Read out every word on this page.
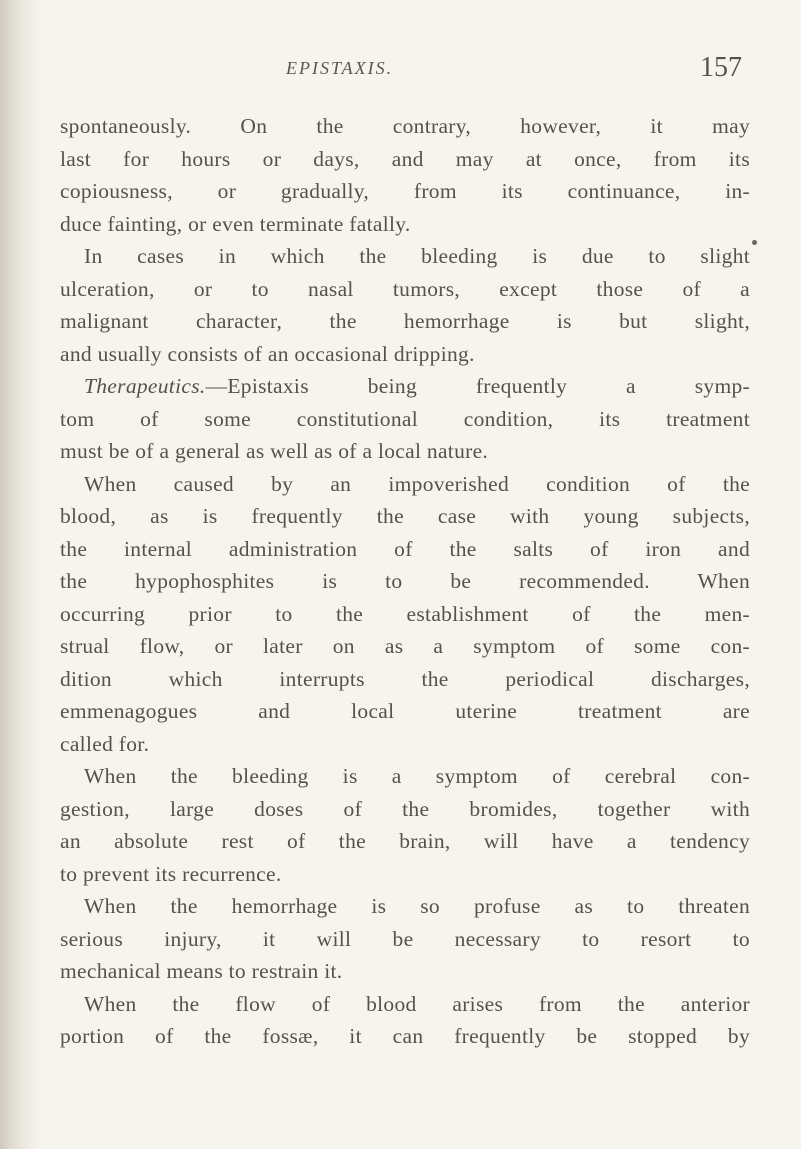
EPISTAXIS.	157
spontaneously. On the contrary, however, it may
last for hours or days, and may at once, from its
copiousness, or gradually, from its continuance, in-
duce fainting, or even terminate fatally.
In cases in which the bleeding is due to slight
ulceration, or to nasal tumors, except those of a
malignant character, the hemorrhage is but slight,
and usually consists of an occasional dripping.
Therapeutics.—Epistaxis being frequently a symp-
tom of some constitutional condition, its treatment
must be of a general as well as of a local nature.
When caused by an impoverished condition of the
blood, as is frequently the case with young subjects,
the internal administration of the salts of iron and
the hypophosphites is to be recommended. When
occurring prior to the establishment of the men-
strual flow, or later on as a symptom of some con-
dition which interrupts the periodical discharges,
emmenagogues and local uterine treatment are
called for.
When the bleeding is a symptom of cerebral con-
gestion, large doses of the bromides, together with
an absolute rest of the brain, will have a tendency
to prevent its recurrence.
When the hemorrhage is so profuse as to threaten
serious injury, it will be necessary to resort to
mechanical means to restrain it.
When the flow of blood arises from the anterior
portion of the fossæ, it can frequently be stopped by
